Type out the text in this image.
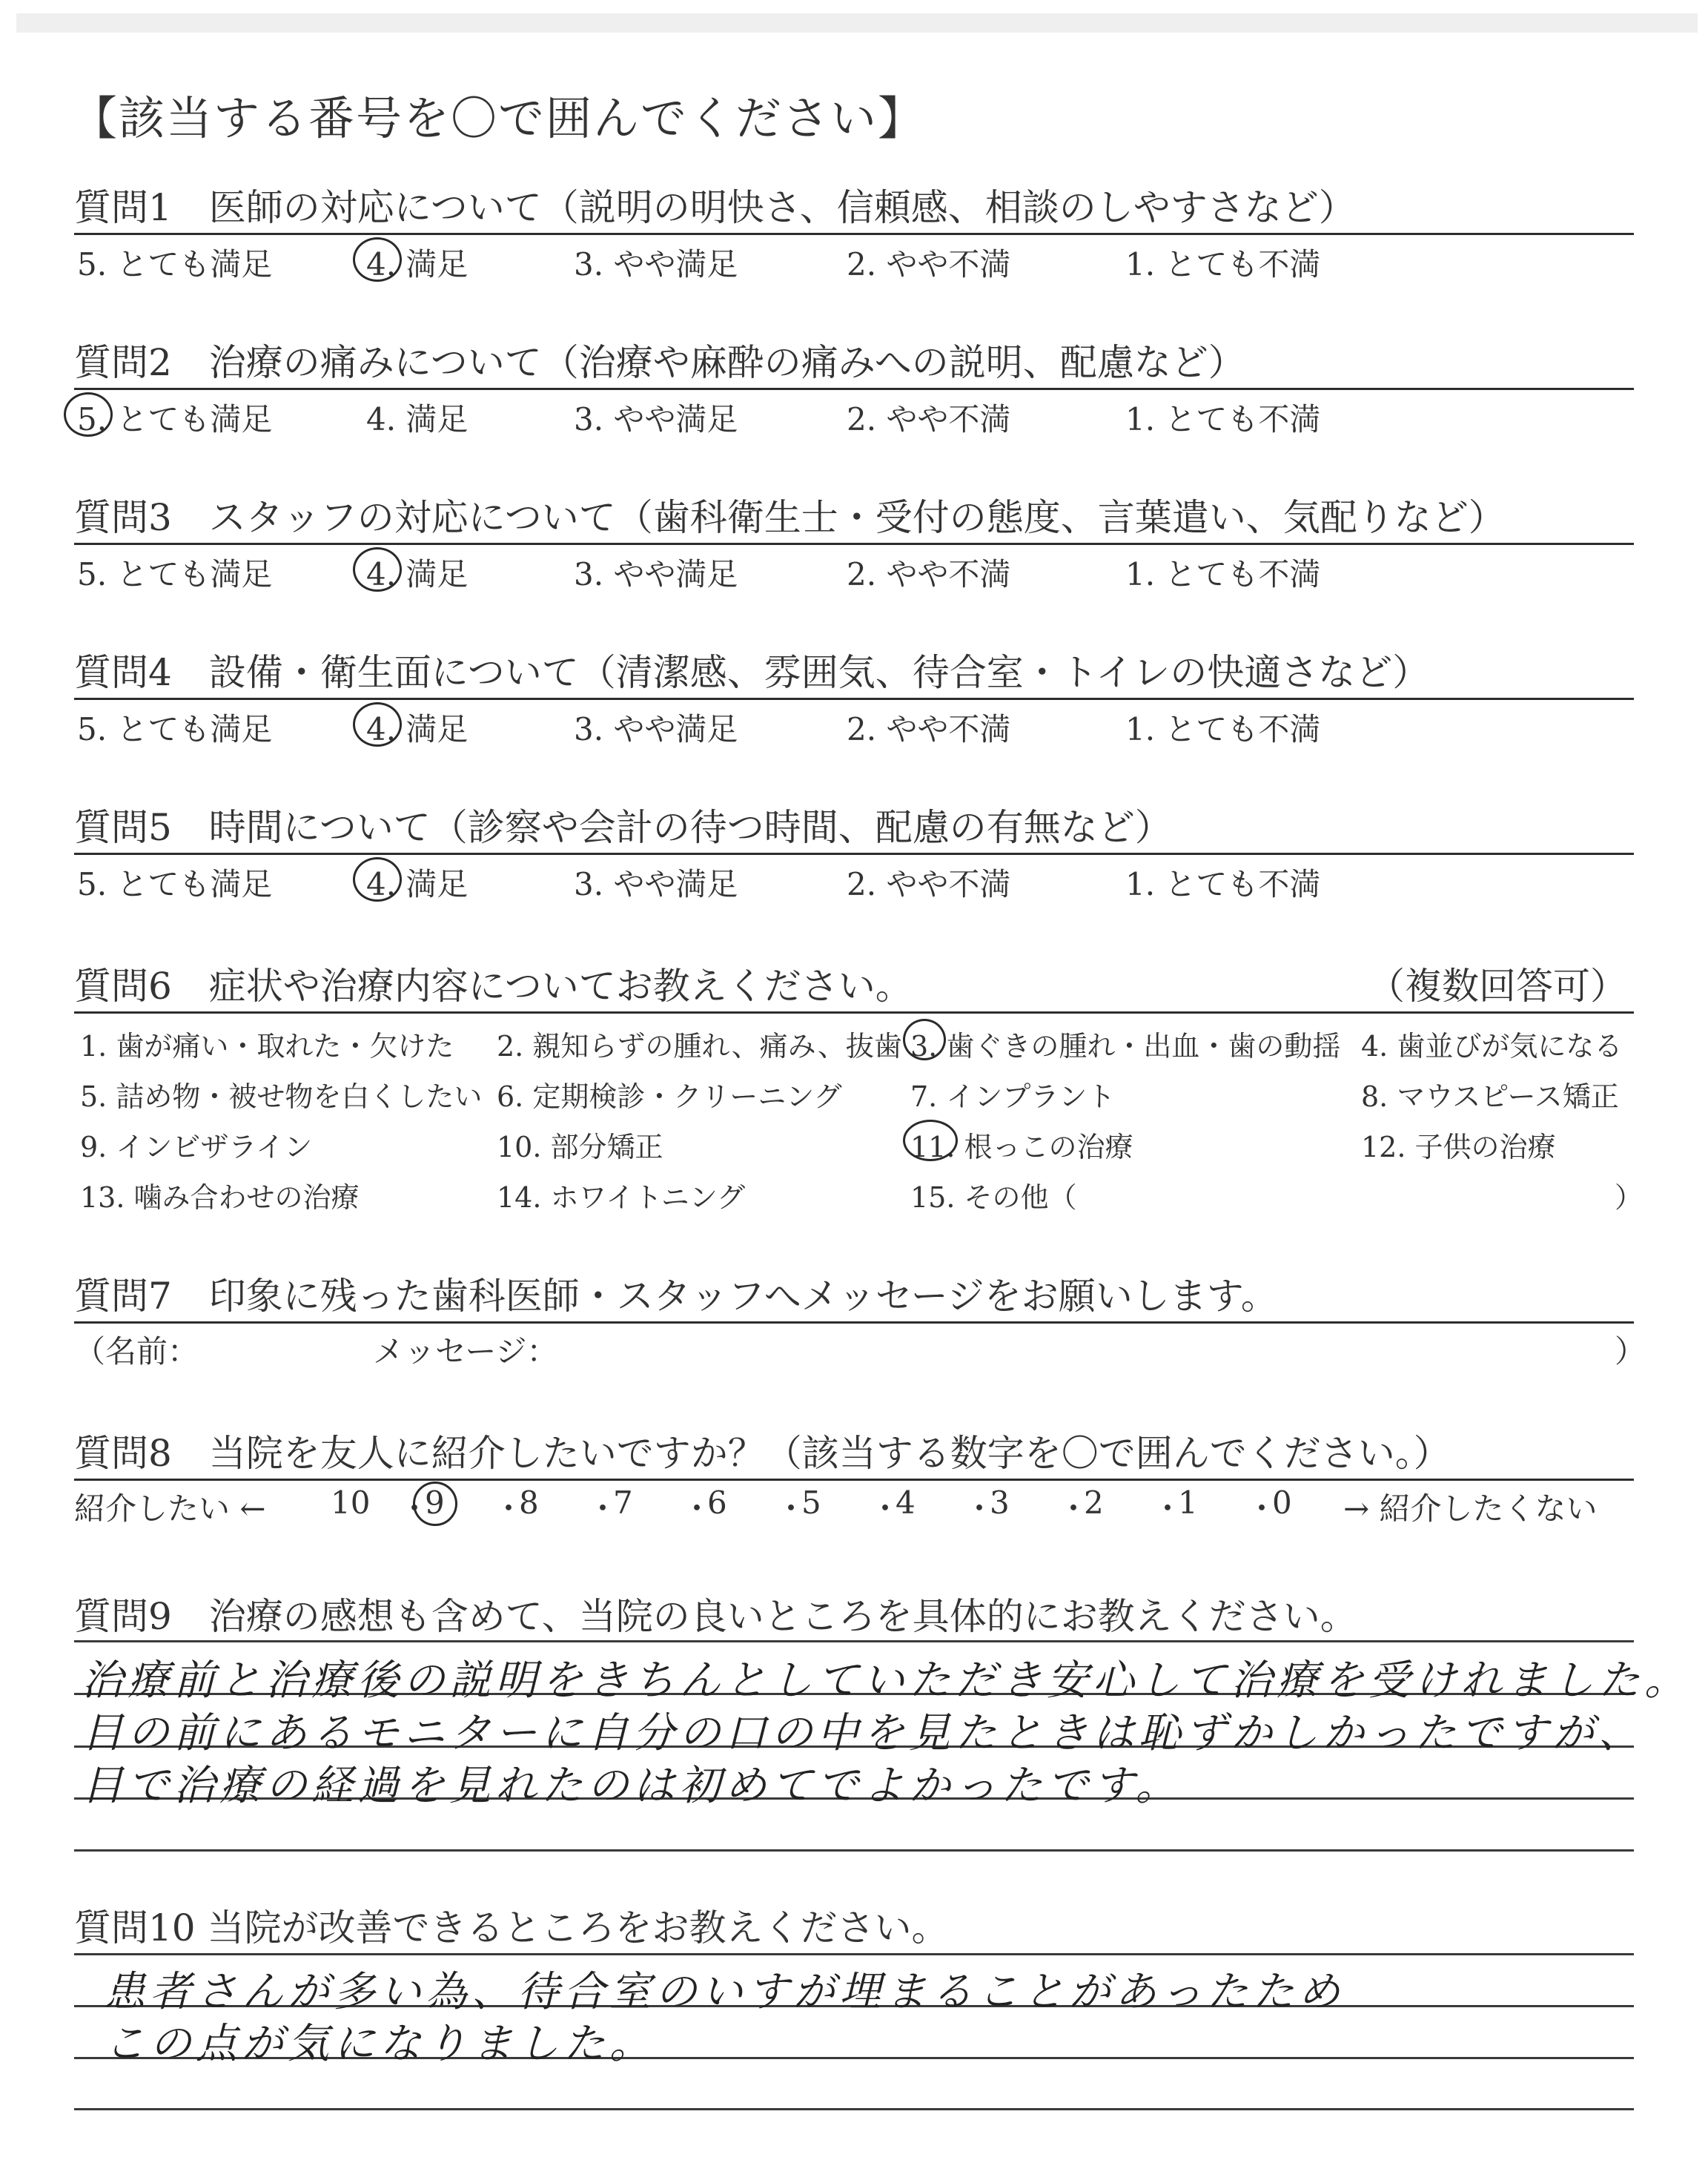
【該当する番号を〇で囲んでください】
質問1　医師の対応について（説明の明快さ、信頼感、相談のしやすさなど）
5. とても満足	4. 満足	3. やや満足	2. やや不満	1. とても不満
質問2　治療の痛みについて（治療や麻酔の痛みへの説明、配慮など）
5. とても満足	4. 満足	3. やや満足	2. やや不満	1. とても不満
質問3　スタッフの対応について（歯科衛生士・受付の態度、言葉遣い、気配りなど）
5. とても満足	4. 満足	3. やや満足	2. やや不満	1. とても不満
質問4　設備・衛生面について（清潔感、雰囲気、待合室・トイレの快適さなど）
5. とても満足	4. 満足	3. やや満足	2. やや不満	1. とても不満
質問5　時間について（診察や会計の待つ時間、配慮の有無など）
5. とても満足	4. 満足	3. やや満足	2. やや不満	1. とても不満
質問6　症状や治療内容についてお教えください。	（複数回答可）
1. 歯が痛い・取れた・欠けた 2. 親知らずの腫れ、痛み、抜歯 3. 歯ぐきの腫れ・出血・歯の動揺 4. 歯並びが気になる
5. 詰め物・被せ物を白くしたい 6. 定期検診・クリーニング 7. インプラント	8. マウスピース矯正
9. インビザライン	10. 部分矯正	11. 根っこの治療	12. 子供の治療
13. 噛み合わせの治療	14. ホワイトニング	15. その他（	）
質問7　印象に残った歯科医師・スタッフへメッセージをお願いします。
（名前：	メッセージ：	）
質問8　当院を友人に紹介したいですか？（該当する数字を〇で囲んでください。）
紹介したい ← 10 ・
9 ・
8 ・
7 ・
6 ・
5 ・
4 ・
3 ・
2 ・
1 ・
0 → 紹介したくない
質問9　治療の感想も含めて、当院の良いところを具体的にお教えください。
治療前と治療後の説明をきちんとしていただき安心して治療を受けれました。
目の前にあるモニターに自分の口の中を見たときは恥ずかしかったですが、
目で治療の経過を見れたのは初めてでよかったです。
質問10 当院が改善できるところをお教えください。
患者さんが多い為、待合室のいすが埋まることがあったため
この点が気になりました。
